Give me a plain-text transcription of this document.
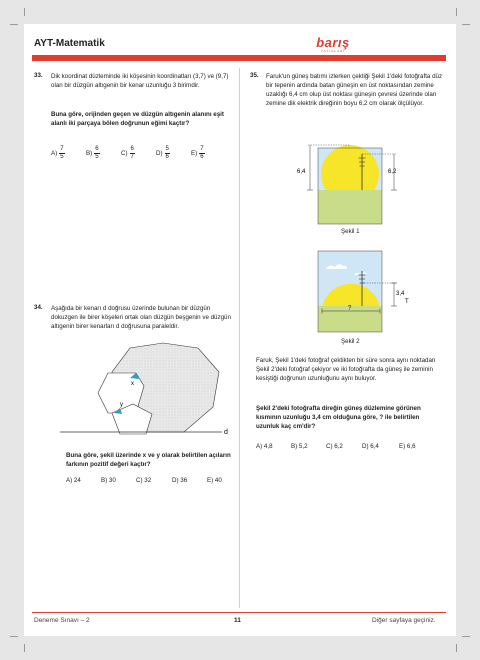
AYT-Matematik	barış
YAYINLARI
33. Dik koordinat düzleminde iki köşesinin koordinatları (3,7) ve (9,7) olan bir düzgün altıgenin bir kenar uzunluğu 3 birimdir.
Buna göre, orijinden geçen ve düzgün altıgenin alanını eşit alanlı iki parçaya bölen doğrunun eğimi kaçtır?
$A) \frac{7}{5}$	$B) \frac{6}{5}$	$C) \frac{6}{7}$	$D) \frac{5}{6}$	$E) \frac{7}{6}$
34. Aşağıda bir kenarı d doğrusu üzerinde bulunan bir düzgün dokuzgen ile birer köşeleri ortak olan düzgün beşgenin ve düzgün altıgenin birer kenarları d doğrusuna paraleldir.
x
y
d
Buna göre, şekil üzerinde x ve y olarak belirtilen açıların farkının pozitif değeri kaçtır?
A) 24	B) 30	C) 32	D) 36	E) 40
35. Faruk'un güneş batımı izlerken çektiği Şekil 1'deki fotoğrafta düz bir tepenin ardında batan güneşin en üst noktasından zemine uzaklığı 6,4 cm olup üst noktası güneşin çevresi üzerinde olan zemine dik elektrik direğinin boyu 6,2 cm olarak ölçülüyor.
6,4	6,2
Şekil 1
3,4
T
?
Şekil 2
Faruk, Şekil 1'deki fotoğraf çektikten bir süre sonra aynı noktadan Şekil 2'deki fotoğraf çekiyor ve iki fotoğrafta da güneş ile zeminin kesiştiği doğrunun uzunluğunu aynı buluyor.
Şekil 2'deki fotoğrafta direğin güneş düzlemine görünen kısmının uzunluğu 3,4 cm olduğuna göre, ? ile belirtilen uzunluk kaç cm'dir?
A) 4,8	B) 5,2	C) 6,2	D) 6,4	E) 6,6
Deneme Sınavı – 2	11	Diğer sayfaya geçiniz.
